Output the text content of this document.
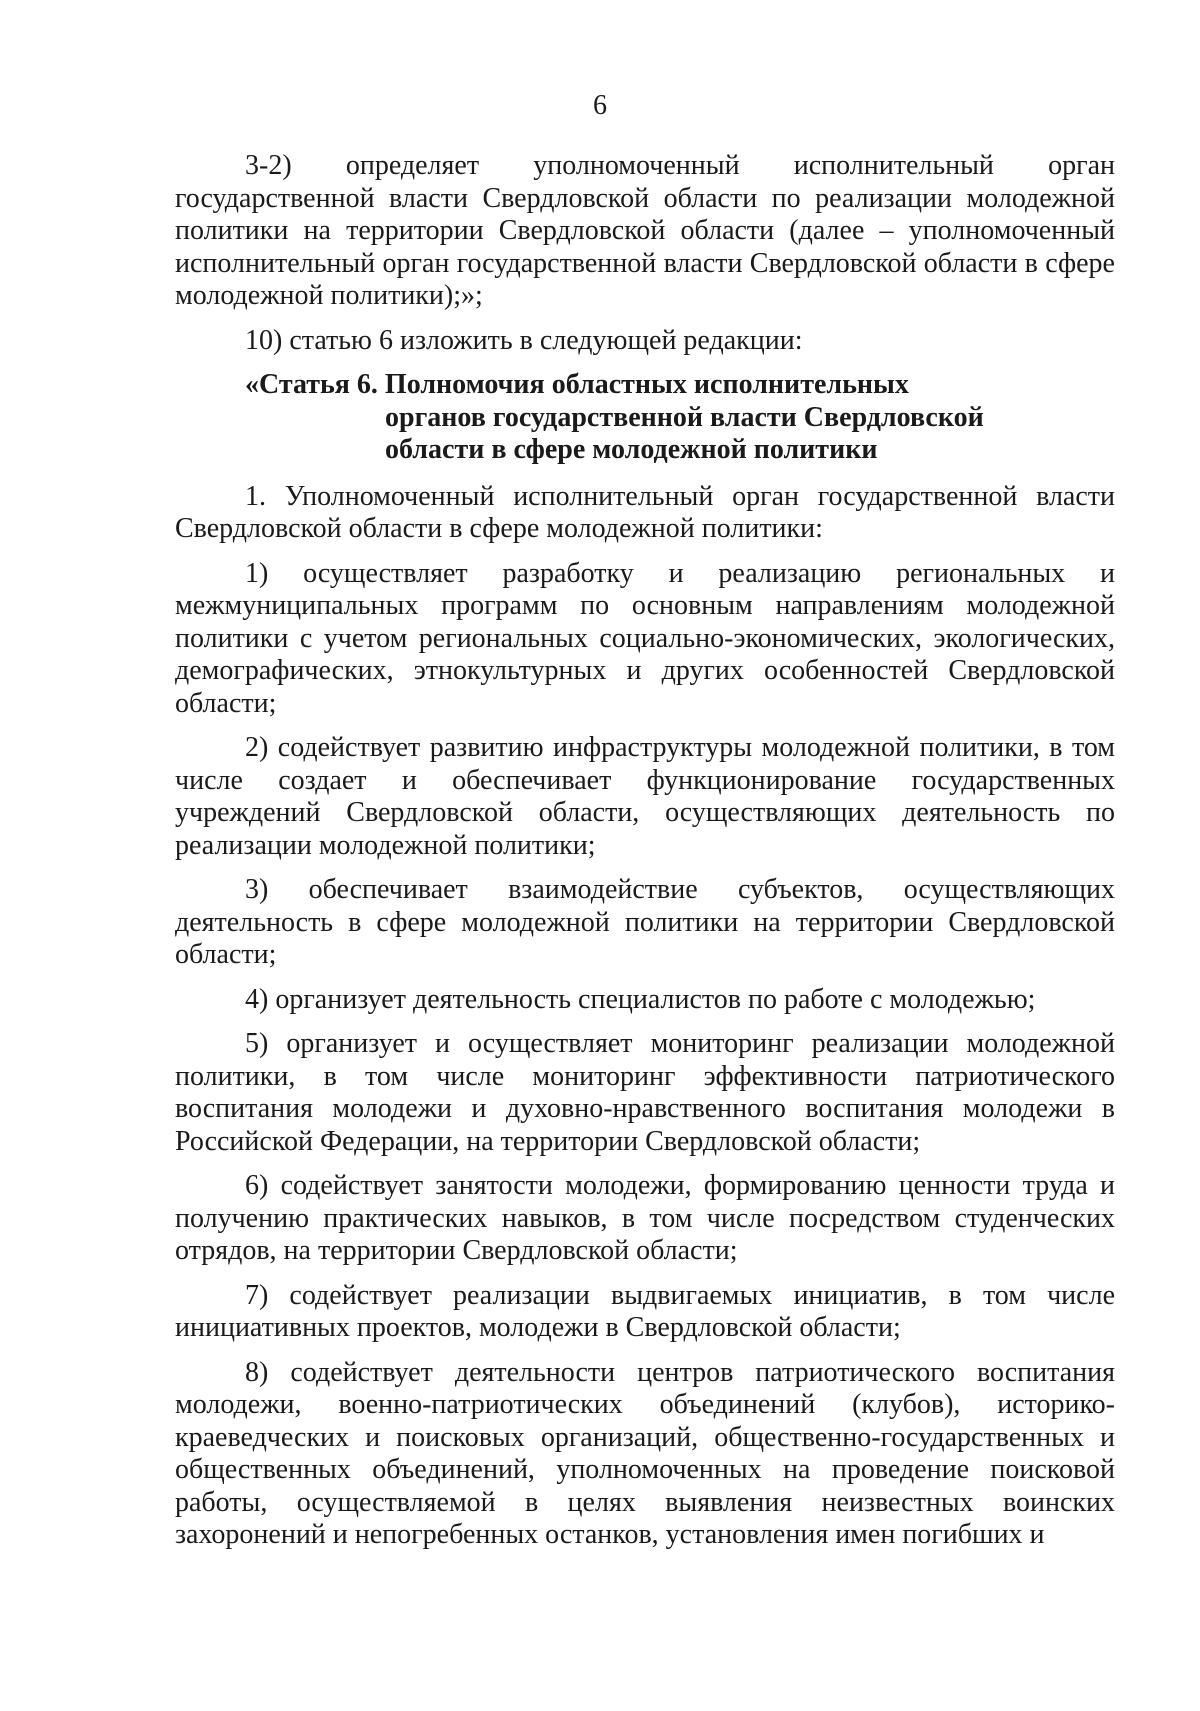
6

3-2) определяет уполномоченный исполнительный орган государственной власти Свердловской области по реализации молодежной политики на территории Свердловской области (далее – уполномоченный исполнительный орган государственной власти Свердловской области в сфере молодежной политики);»;

10) статью 6 изложить в следующей редакции:

«Статья 6. Полномочия областных исполнительных
органов государственной власти Свердловской
области в сфере молодежной политики

1. Уполномоченный исполнительный орган государственной власти Свердловской области в сфере молодежной политики:

1) осуществляет разработку и реализацию региональных и межмуниципальных программ по основным направлениям молодежной политики с учетом региональных социально-экономических, экологических, демографических, этнокультурных и других особенностей Свердловской области;

2) содействует развитию инфраструктуры молодежной политики, в том числе создает и обеспечивает функционирование государственных учреждений Свердловской области, осуществляющих деятельность по реализации молодежной политики;

3) обеспечивает взаимодействие субъектов, осуществляющих деятельность в сфере молодежной политики на территории Свердловской области;

4) организует деятельность специалистов по работе с молодежью;

5) организует и осуществляет мониторинг реализации молодежной политики, в том числе мониторинг эффективности патриотического воспитания молодежи и духовно-нравственного воспитания молодежи в Российской Федерации, на территории Свердловской области;

6) содействует занятости молодежи, формированию ценности труда и получению практических навыков, в том числе посредством студенческих отрядов, на территории Свердловской области;

7) содействует реализации выдвигаемых инициатив, в том числе инициативных проектов, молодежи в Свердловской области;

8) содействует деятельности центров патриотического воспитания молодежи, военно-патриотических объединений (клубов), историко-краеведческих и поисковых организаций, общественно-государственных и общественных объединений, уполномоченных на проведение поисковой работы, осуществляемой в целях выявления неизвестных воинских захоронений и непогребенных останков, установления имен погибших и
